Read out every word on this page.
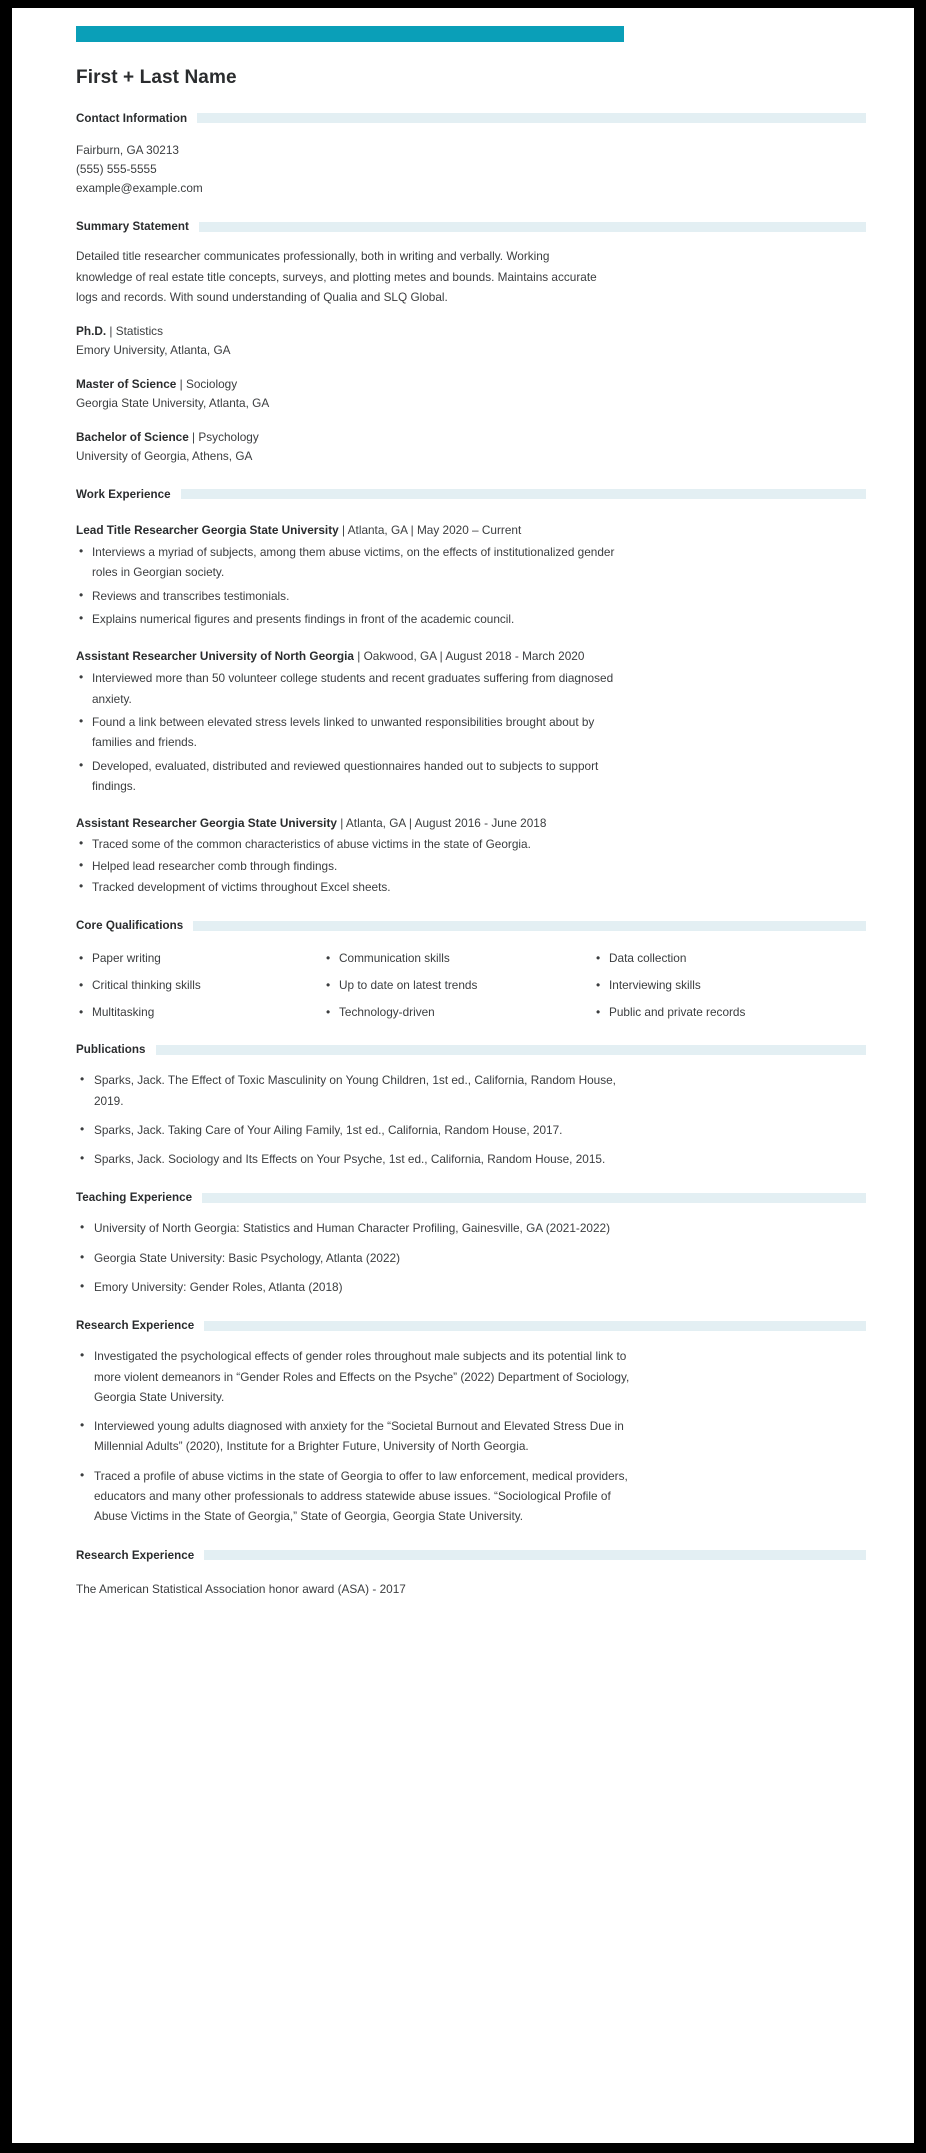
First + Last Name
Contact Information
Fairburn, GA 30213
(555) 555-5555
example@example.com
Summary Statement

Detailed title researcher communicates professionally, both in writing and verbally. Working knowledge of real estate title concepts, surveys, and plotting metes and bounds. Maintains accurate logs and records. With sound understanding of Qualia and SLQ Global.

Ph.D. | Statistics
Emory University, Atlanta, GA
Master of Science | Sociology
Georgia State University, Atlanta, GA
Bachelor of Science | Psychology
University of Georgia, Athens, GA
Work Experience
Lead Title Researcher Georgia State University | Atlanta, GA | May 2020 – Current
• Interviews a myriad of subjects, among them abuse victims, on the effects of institutionalized gender roles in Georgian society.
• Reviews and transcribes testimonials.
• Explains numerical figures and presents findings in front of the academic council.
Assistant Researcher University of North Georgia | Oakwood, GA | August 2018 - March 2020
• Interviewed more than 50 volunteer college students and recent graduates suffering from diagnosed anxiety.
• Found a link between elevated stress levels linked to unwanted responsibilities brought about by families and friends.
• Developed, evaluated, distributed and reviewed questionnaires handed out to subjects to support findings.
Assistant Researcher Georgia State University | Atlanta, GA | August 2016 - June 2018
• Traced some of the common characteristics of abuse victims in the state of Georgia.
• Helped lead researcher comb through findings.
• Tracked development of victims throughout Excel sheets.
Core Qualifications
• Paper writing	• Communication skills	• Data collection
• Critical thinking skills	• Up to date on latest trends	• Interviewing skills
• Multitasking	• Technology-driven	• Public and private records
Publications
• Sparks, Jack. The Effect of Toxic Masculinity on Young Children, 1st ed., California, Random House, 2019.
• Sparks, Jack. Taking Care of Your Ailing Family, 1st ed., California, Random House, 2017.
• Sparks, Jack. Sociology and Its Effects on Your Psyche, 1st ed., California, Random House, 2015.
Teaching Experience
• University of North Georgia: Statistics and Human Character Profiling, Gainesville, GA (2021-2022)
• Georgia State University: Basic Psychology, Atlanta (2022)
• Emory University: Gender Roles, Atlanta (2018)
Research Experience
• Investigated the psychological effects of gender roles throughout male subjects and its potential link to more violent demeanors in “Gender Roles and Effects on the Psyche” (2022) Department of Sociology, Georgia State University.
• Interviewed young adults diagnosed with anxiety for the “Societal Burnout and Elevated Stress Due in Millennial Adults” (2020), Institute for a Brighter Future, University of North Georgia.
• Traced a profile of abuse victims in the state of Georgia to offer to law enforcement, medical providers, educators and many other professionals to address statewide abuse issues. “Sociological Profile of Abuse Victims in the State of Georgia,” State of Georgia, Georgia State University.
Research Experience
The American Statistical Association honor award (ASA) - 2017
